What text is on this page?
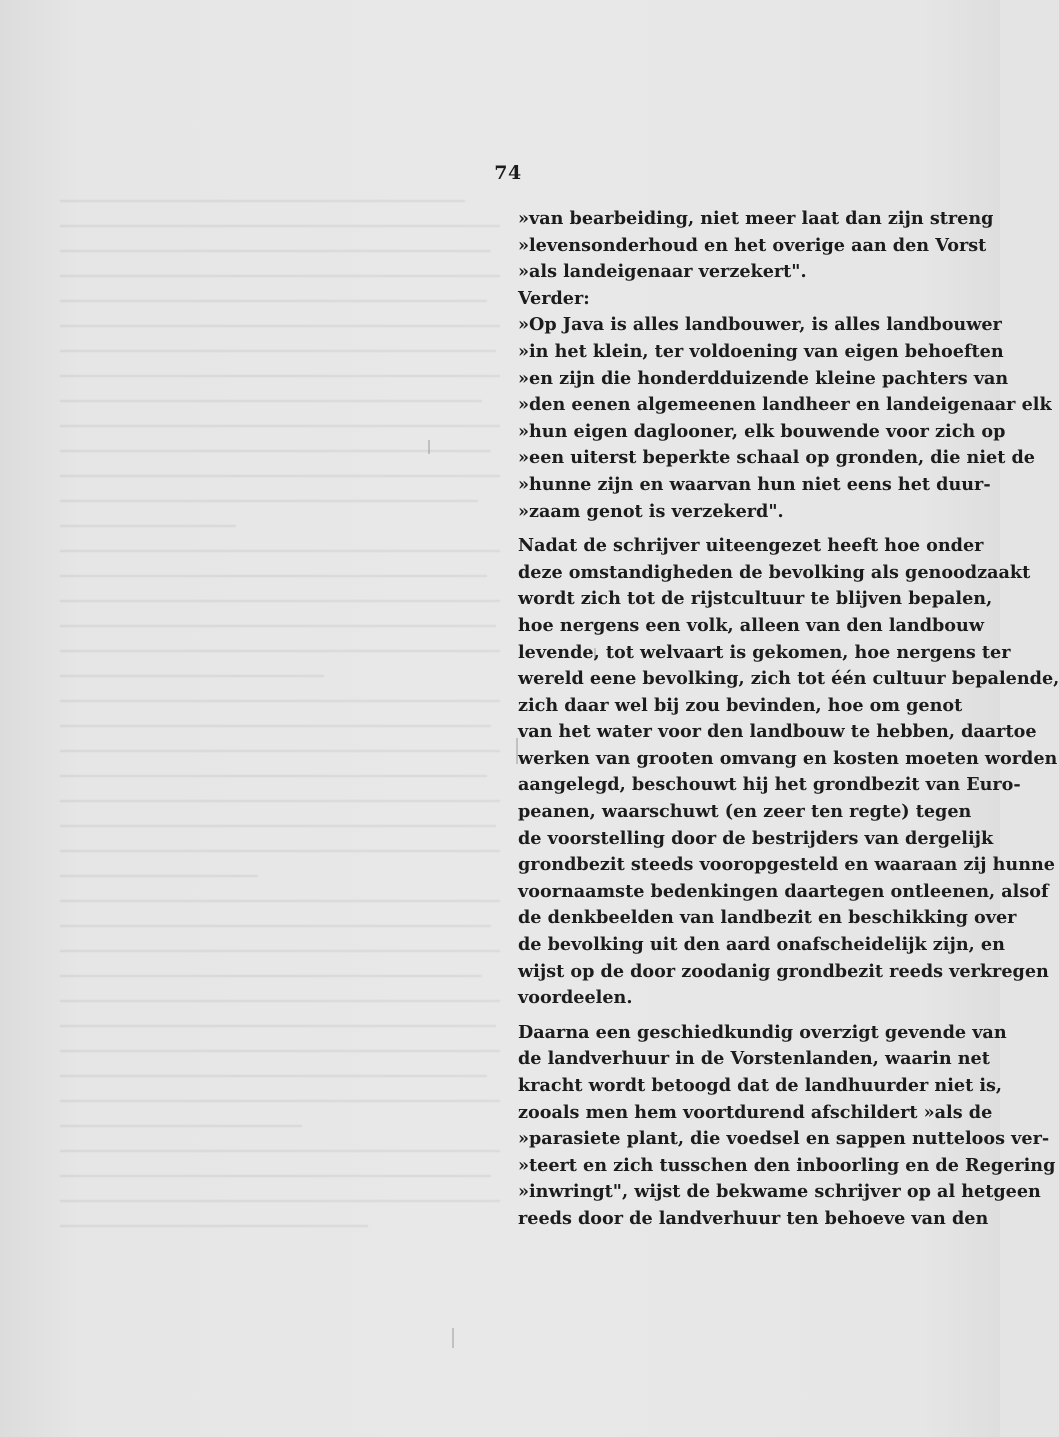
74
»van bearbeiding, niet meer laat dan zijn streng
»levensonderhoud en het overige aan den Vorst
»als landeigenaar verzekert".
Verder:
»Op Java is alles landbouwer, is alles landbouwer
»in het klein, ter voldoening van eigen behoeften
»en zijn die honderdduizende kleine pachters van
»den eenen algemeenen landheer en landeigenaar elk
»hun eigen daglooner, elk bouwende voor zich op
»een uiterst beperkte schaal op gronden, die niet de
»hunne zijn en waarvan hun niet eens het duur-
»zaam genot is verzekerd".
Nadat de schrijver uiteengezet heeft hoe onder
deze omstandigheden de bevolking als genoodzaakt
wordt zich tot de rijstcultuur te blijven bepalen,
hoe nergens een volk, alleen van den landbouw
levende, tot welvaart is gekomen, hoe nergens ter
wereld eene bevolking, zich tot één cultuur bepalende,
zich daar wel bij zou bevinden, hoe om genot
van het water voor den landbouw te hebben, daartoe
werken van grooten omvang en kosten moeten worden
aangelegd, beschouwt hij het grondbezit van Euro-
peanen, waarschuwt (en zeer ten regte) tegen
de voorstelling door de bestrijders van dergelijk
grondbezit steeds vooropgesteld en waaraan zij hunne
voornaamste bedenkingen daartegen ontleenen, alsof
de denkbeelden van landbezit en beschikking over
de bevolking uit den aard onafscheidelijk zijn, en
wijst op de door zoodanig grondbezit reeds verkregen
voordeelen.
Daarna een geschiedkundig overzigt gevende van
de landverhuur in de Vorstenlanden, waarin net
kracht wordt betoogd dat de landhuurder niet is,
zooals men hem voortdurend afschildert »als de
»parasiete plant, die voedsel en sappen nutteloos ver-
»teert en zich tusschen den inboorling en de Regering
»inwringt", wijst de bekwame schrijver op al hetgeen
reeds door de landverhuur ten behoeve van den
